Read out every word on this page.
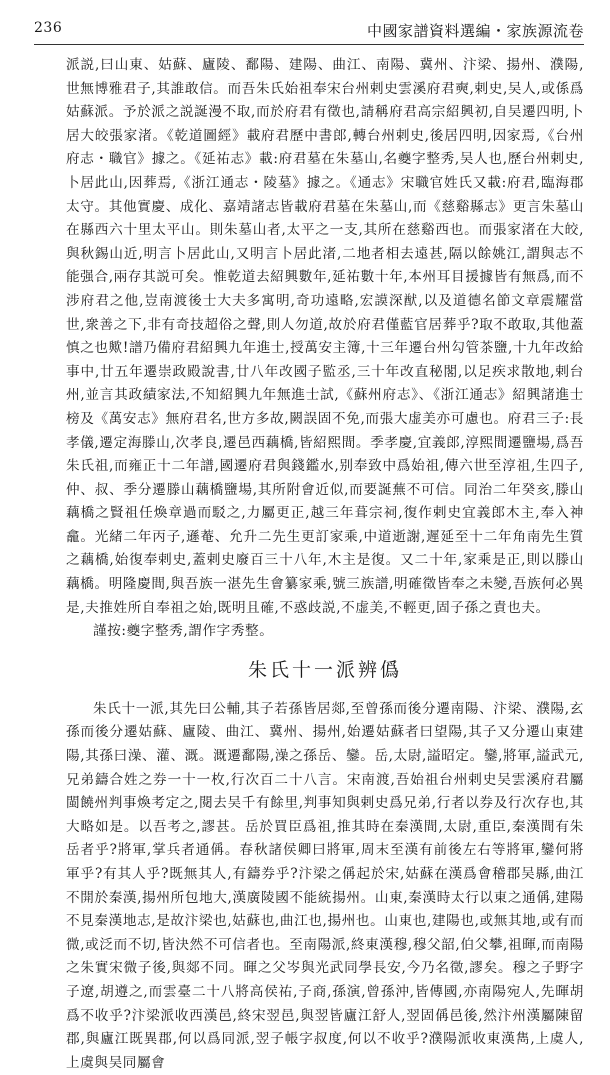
236	中國家譜資料選編・家族源流卷

派説,曰山東、姑蘇、廬陵、鄱陽、建陽、曲江、南陽、冀州、汴梁、揚州、濮陽,世無博雅君子,其誰敢信。而吾朱氏始祖奉宋台州剌史雲溪府君奭,剌史,吴人,或係爲姑蘇派。予於派之説誕漫不取,而於府君有徵也,請稱府君高宗紹興初,自吴遷四明,卜居大皎張家渚。《乾道圖經》載府君歷中書郎,轉台州剌史,後居四明,因家焉,《台州府志・職官》據之。《延祐志》載:府君墓在朱墓山,名夔字整秀,吴人也,歷台州剌史,卜居此山,因葬焉,《浙江通志・陵墓》據之。《通志》宋職官姓氏又載:府君,臨海郡太守。其他實慶、成化、嘉靖諸志皆載府君墓在朱墓山,而《慈谿縣志》更言朱墓山在縣西六十里太平山。則朱墓山者,太平之一支,其所在慈谿西也。而張家渚在大皎,與秋錫山近,明言卜居此山,又明言卜居此渚,二地者相去遠甚,隔以餘姚江,謂與志不能强合,兩存其説可矣。惟乾道去紹興數年,延祐數十年,本州耳目援據皆有無爲,而不涉府君之他,豈南渡後士大夫多寓明,奇功遠略,宏謨深猷,以及道德名節文章震耀當世,衆善之下,非有奇技超俗之聲,則人勿道,故於府君僅藍官居葬乎?取不敢取,其他蓋慎之也歟!譜乃備府君紹興九年進士,授萬安主簿,十三年遷台州勾管茶鹽,十九年改給事中,廿五年遷崇政殿說書,廿八年改國子監丞,三十年改直秘閣,以足疾求散地,剌台州,並言其政績家法,不知紹興九年無進士試,《蘇州府志》、《浙江通志》紹興諸進士榜及《萬安志》無府君名,世方多故,闕誤固不免,而張大虚美亦可慮也。府君三子:長孝儀,遷定海滕山,次孝良,遷邑西藕橋,皆紹熙間。季孝慶,宜義郎,淳熙間遷鹽場,爲吾朱氏祖,而雍正十二年譜,國遷府君與錢鑑水,别奉致中爲始祖,傳六世至淳祖,生四子,仲、叔、季分遷滕山藕橋鹽場,其所附會近似,而要誕蕪不可信。同治二年癸亥,滕山藕橋之賢祖任煥章過而駁之,力屬更正,越三年葺宗祠,復作剌史宜義郎木主,奉入神龕。光緒二年丙子,遜菴、允升二先生更訂家乘,中道逝謝,遲延至十二年角南先生質之藕橋,始復奉剌史,蓋剌史廢百三十八年,木主是復。又二十年,家乘是正,則以滕山藕橋。明隆慶間,與吾族一湛先生會纂家乘,號三族譜,明確徵皆奉之未變,吾族何必異是,夫推姓所自奉祖之始,既明且確,不惑歧説,不虚美,不輕更,固子孫之責也夫。

謹按:夔字整秀,謂作字秀整。

朱氏十一派辨僞

朱氏十一派,其先曰公輔,其子若孫皆居郯,至曾孫而後分遷南陽、汴梁、濮陽,玄孫而後分遷姑蘇、廬陵、曲江、冀州、揚州,始遷姑蘇者曰望陽,其子又分遷山東建陽,其孫曰澡、灌、溉。溉遷鄱陽,澡之孫岳、鑾。岳,太尉,謚昭定。鑾,將軍,謚武元,兄弟鑄合姓之券一十一枚,行次百二十八言。宋南渡,吾始祖台州剌史吴雲溪府君屬閩饒州判事煥考定之,閱去吴千有餘里,判事知與剌史爲兄弟,行者以券及行次存也,其大略如是。以吾考之,謬甚。岳於買臣爲祖,推其時在秦漢間,太尉,重臣,秦漢間有朱岳者乎?將軍,掌兵者通偁。春秋諸侯卿曰將軍,周末至漢有前後左右等將軍,鑾何將軍乎?有其人乎?既無其人,有鑄券乎?汴梁之偁起於宋,姑蘇在漢爲會稽郡吴縣,曲江不開於秦漢,揚州所包地大,漢廣陵國不能統揚州。山東,秦漢時太行以東之通偁,建陽不見秦漢地志,是故汴梁也,姑蘇也,曲江也,揚州也。山東也,建陽也,或無其地,或有而微,或泛而不切,皆決然不可信者也。至南陽派,終東漢穆,穆父韶,伯父攀,祖暉,而南陽之朱實宋微子後,與郯不同。暉之父岑與光武同學長安,今乃名徵,謬矣。穆之子野字子遼,胡遵之,而雲臺二十八將高侯祐,子商,孫演,曾孫沖,皆傳國,亦南陽宛人,先暉胡爲不收乎?汴梁派收西漢邑,終宋翌邑,與翌皆廬江舒人,翌固偁邑後,然汴州漢屬陳留郡,與廬江既異郡,何以爲同派,翌子帳字叔度,何以不收乎?濮陽派收東漢雋,上虞人,上虞與吴同屬會
